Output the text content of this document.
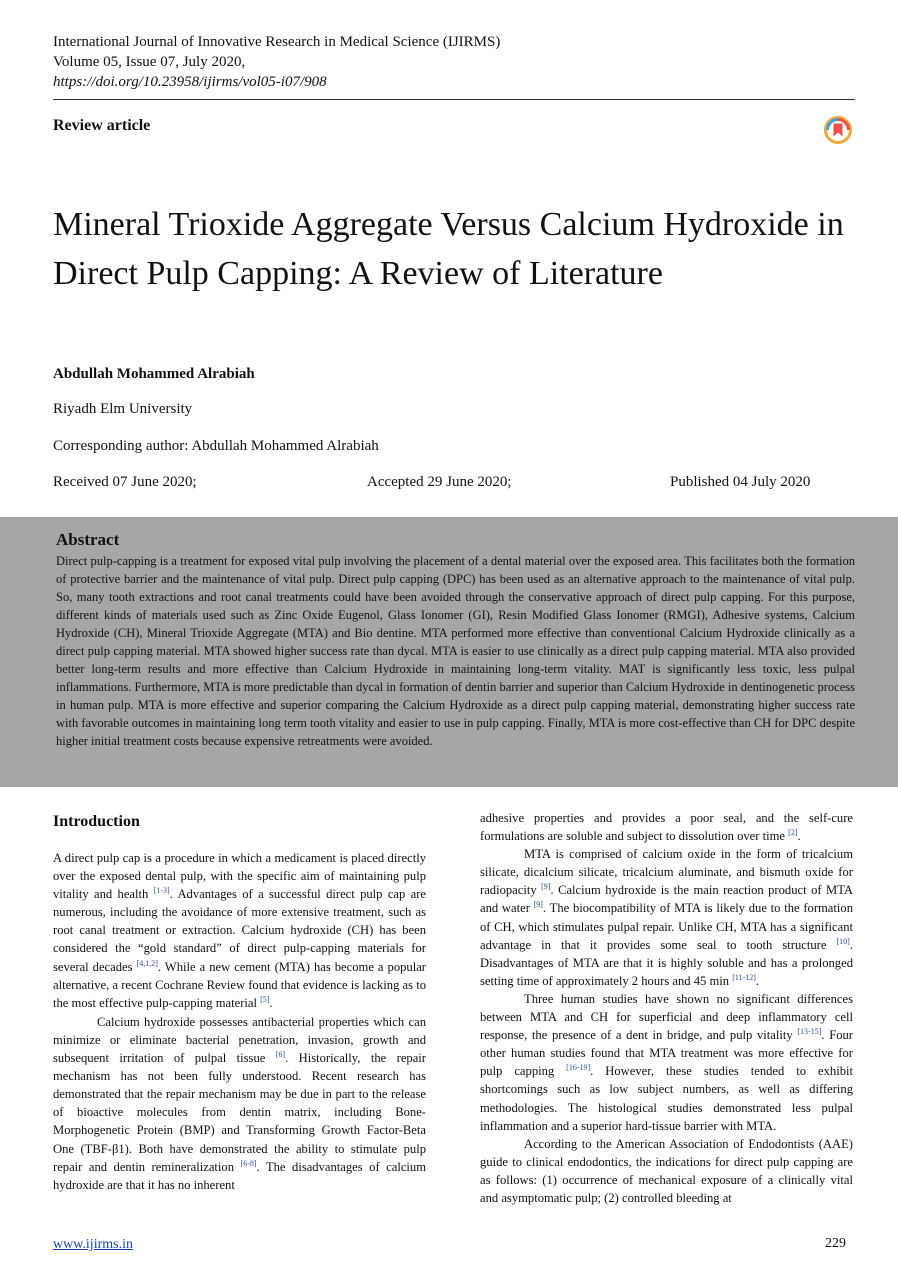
International Journal of Innovative Research in Medical Science (IJIRMS)
Volume 05, Issue 07, July 2020,
https://doi.org/10.23958/ijirms/vol05-i07/908
Review article
Mineral Trioxide Aggregate Versus Calcium Hydroxide in Direct Pulp Capping: A Review of Literature
Abdullah Mohammed Alrabiah
Riyadh Elm University
Corresponding author: Abdullah Mohammed Alrabiah
Received 07 June 2020;	Accepted 29 June 2020;	Published 04 July 2020
Abstract
Direct pulp-capping is a treatment for exposed vital pulp involving the placement of a dental material over the exposed area. This facilitates both the formation of protective barrier and the maintenance of vital pulp. Direct pulp capping (DPC) has been used as an alternative approach to the maintenance of vital pulp. So, many tooth extractions and root canal treatments could have been avoided through the conservative approach of direct pulp capping. For this purpose, different kinds of materials used such as Zinc Oxide Eugenol, Glass Ionomer (GI), Resin Modified Glass Ionomer (RMGI), Adhesive systems, Calcium Hydroxide (CH), Mineral Trioxide Aggregate (MTA) and Bio dentine. MTA performed more effective than conventional Calcium Hydroxide clinically as a direct pulp capping material. MTA showed higher success rate than dycal. MTA is easier to use clinically as a direct pulp capping material. MTA also provided better long-term results and more effective than Calcium Hydroxide in maintaining long-term vitality. MAT is significantly less toxic, less pulpal inflammations. Furthermore, MTA is more predictable than dycal in formation of dentin barrier and superior than Calcium Hydroxide in dentinogenetic process in human pulp. MTA is more effective and superior comparing the Calcium Hydroxide as a direct pulp capping material, demonstrating higher success rate with favorable outcomes in maintaining long term tooth vitality and easier to use in pulp capping. Finally, MTA is more cost-effective than CH for DPC despite higher initial treatment costs because expensive retreatments were avoided.
Introduction

A direct pulp cap is a procedure in which a medicament is placed directly over the exposed dental pulp, with the specific aim of maintaining pulp vitality and health [1-3]. Advantages of a successful direct pulp cap are numerous, including the avoidance of more extensive treatment, such as root canal treatment or extraction. Calcium hydroxide (CH) has been considered the “gold standard” of direct pulp-capping materials for several decades [4,1,2]. While a new cement (MTA) has become a popular alternative, a recent Cochrane Review found that evidence is lacking as to the most effective pulp-capping material [5].

Calcium hydroxide possesses antibacterial properties which can minimize or eliminate bacterial penetration, invasion, growth and subsequent irritation of pulpal tissue [6]. Historically, the repair mechanism has not been fully understood. Recent research has demonstrated that the repair mechanism may be due in part to the release of bioactive molecules from dentin matrix, including Bone-Morphogenetic Protein (BMP) and Transforming Growth Factor-Beta One (TBF-β1). Both have demonstrated the ability to stimulate pulp repair and dentin remineralization [6-8]. The disadvantages of calcium hydroxide are that it has no inherent

adhesive properties and provides a poor seal, and the self-cure formulations are soluble and subject to dissolution over time [2].

MTA is comprised of calcium oxide in the form of tricalcium silicate, dicalcium silicate, tricalcium aluminate, and bismuth oxide for radiopacity [9]. Calcium hydroxide is the main reaction product of MTA and water [9]. The biocompatibility of MTA is likely due to the formation of CH, which stimulates pulpal repair. Unlike CH, MTA has a significant advantage in that it provides some seal to tooth structure [10]. Disadvantages of MTA are that it is highly soluble and has a prolonged setting time of approximately 2 hours and 45 min [11-12].

Three human studies have shown no significant differences between MTA and CH for superficial and deep inflammatory cell response, the presence of a dent in bridge, and pulp vitality [13-15]. Four other human studies found that MTA treatment was more effective for pulp capping [16-19]. However, these studies tended to exhibit shortcomings such as low subject numbers, as well as differing methodologies. The histological studies demonstrated less pulpal inflammation and a superior hard-tissue barrier with MTA.

According to the American Association of Endodontists (AAE) guide to clinical endodontics, the indications for direct pulp capping are as follows: (1) occurrence of mechanical exposure of a clinically vital and asymptomatic pulp; (2) controlled bleeding at

www.ijirms.in	229
